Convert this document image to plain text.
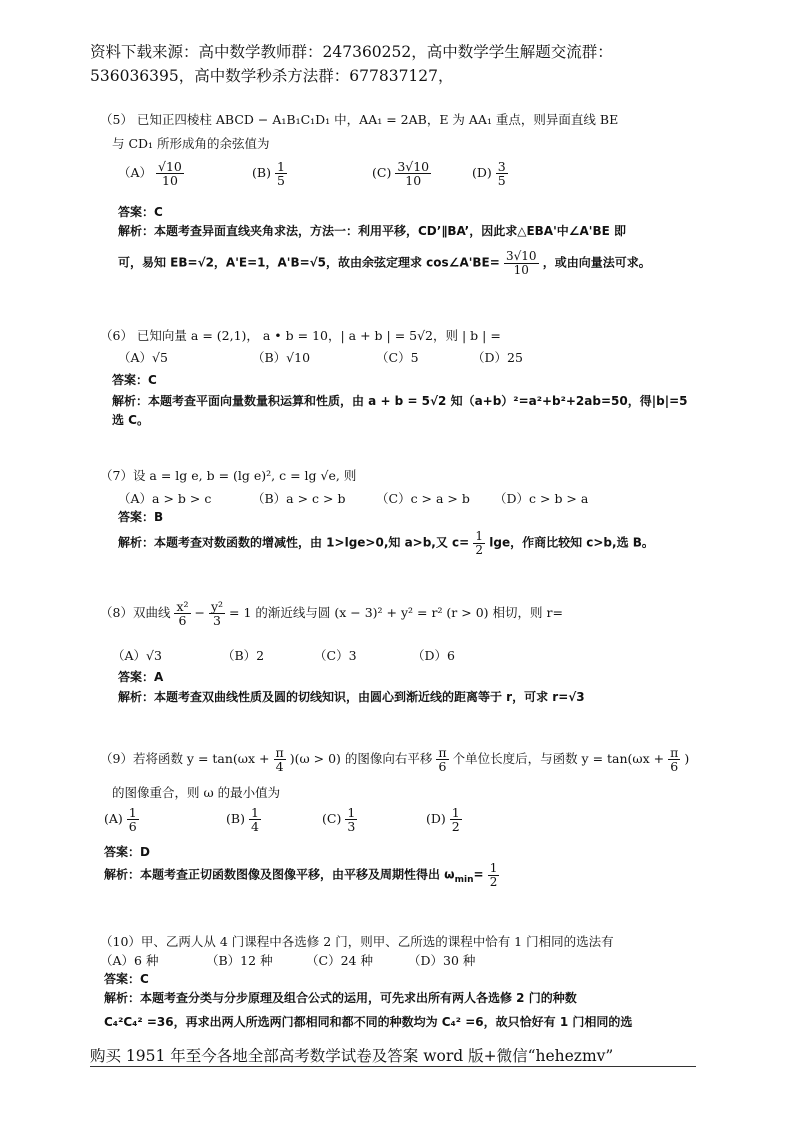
资料下载来源：高中数学教师群：247360252，高中数学学生解题交流群：
536036395，高中数学秒杀方法群：677837127，
（5） 已知正四棱柱 ABCD − A₁B₁C₁D₁ 中，AA₁ = 2AB，E 为 AA₁ 重点，则异面直线 BE
与 CD₁ 所形成角的余弦值为
$(A) \frac{√10}{10}$	$(B) \frac{1}{5}$	$(C) \frac{3√10}{10}$	$(D) \frac{3}{5}$
答案：C
解析：本题考查异面直线夹角求法，方法一：利用平移，CD’∥BA’，因此求△EBA'中∠A'BE 即
可，易知 EB=√2，A'E=1，A'B=√5，故由余弦定理求 cos∠A'BE= $\frac{3√10}{10}$ ，或由向量法可求。
（6） 已知向量 a = (2,1)， a • b = 10，| a + b | = 5√2，则 | b | =
（A）√5	（B）√10	（C）5	（D）25
答案：C
解析：本题考查平面向量数量积运算和性质，由 a + b = 5√2 知（a+b）²=a²+b²+2ab=50，得|b|=5
选 C。
（7）设 a = lg e, b = (lg e)², c = lg √e, 则
（A）a > b > c	（B）a > c > b （C）c > a > b （D）c > b > a
答案：B
解析：本题考查对数函数的增减性，由 1>lge>0,知 a>b,又 $c= \frac{1}{2}$ lge，作商比较知 c>b,选 B。
（8）双曲线 $\frac{\text{x²}}{6} - \frac{\text{y²}}{3} = 1$ 的渐近线与圆 (x − 3)² + y² = r² (r > 0) 相切，则 r=
（A）√3	（B）2	（C）3	（D）6
答案：A
解析：本题考查双曲线性质及圆的切线知识，由圆心到渐近线的距离等于 r，可求 r=√3
（9）若将函数 $y = \tan(\omega x + \frac{\pi}{4} )(\omega > 0)$ 的图像向右平移 $\frac{\pi}{6}$ 个单位长度后，与函数 $y = \tan(\omega x + \frac{\pi}{6}$ )
的图像重合，则 ω 的最小值为
$(A) \frac{1}{6}$	$(B) \frac{1}{4}$	$(C) \frac{1}{3}$	$(D) \frac{1}{2}$
答案：D
解析：本题考查正切函数图像及图像平移，由平移及周期性得出 $\omega_{min}= \frac{1}{2}$
（10）甲、乙两人从 4 门课程中各选修 2 门，则甲、乙所选的课程中恰有 1 门相同的选法有
（A）6 种	（B）12 种	（C）24 种	（D）30 种
答案：C
解析：本题考查分类与分步原理及组合公式的运用，可先求出所有两人各选修 2 门的种数
C₄²C₄² =36，再求出两人所选两门都相同和都不同的种数均为 C₄² =6，故只恰好有 1 门相同的选
购买 1951 年至今各地全部高考数学试卷及答案 word 版+微信“hehezmv”
